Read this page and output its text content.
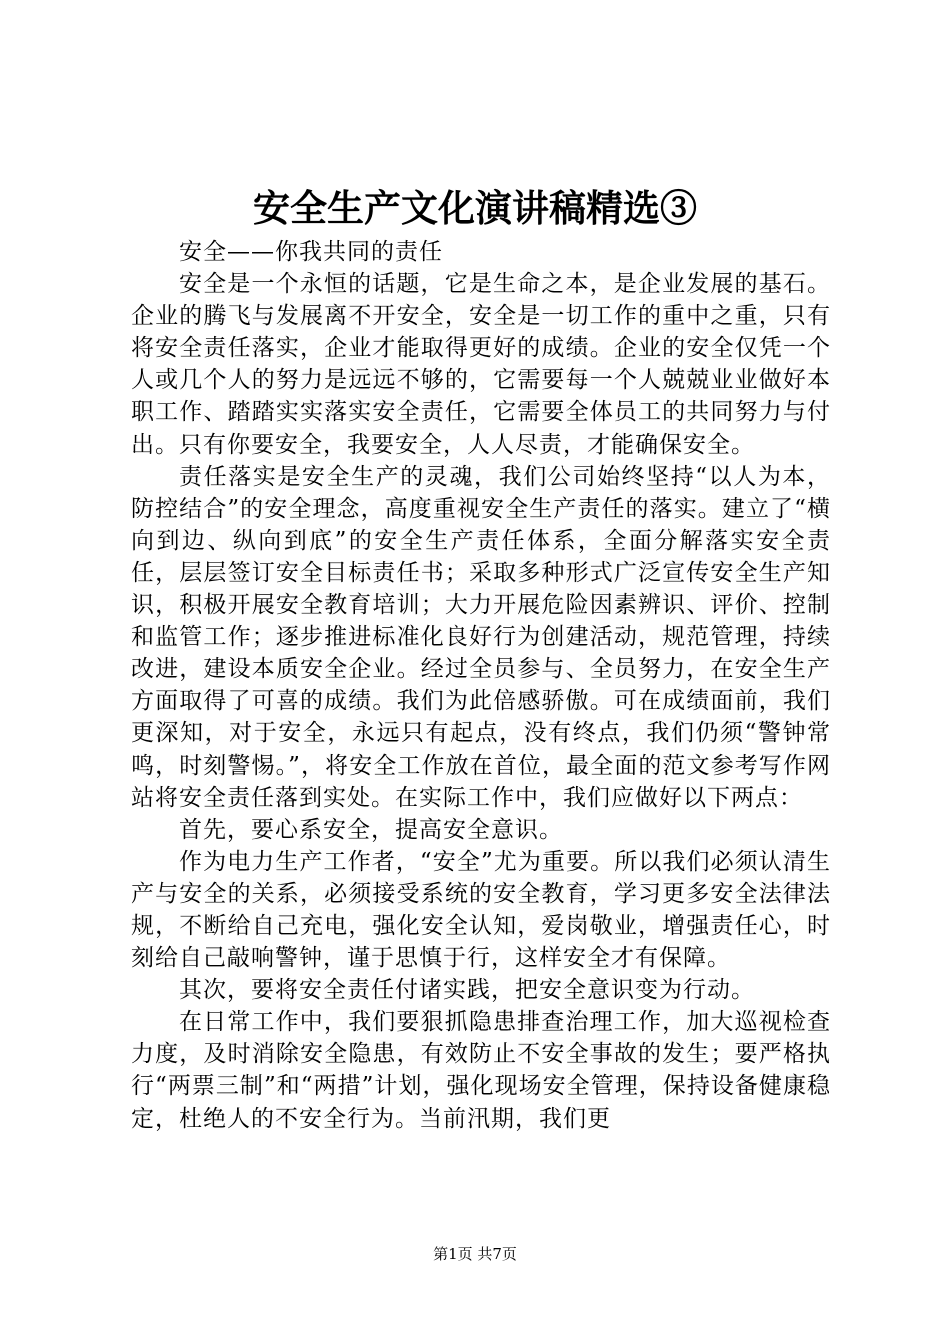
安全生产文化演讲稿精选③

安全——你我共同的责任

安全是一个永恒的话题，它是生命之本，是企业发展的基石。企业的腾飞与发展离不开安全，安全是一切工作的重中之重，只有将安全责任落实，企业才能取得更好的成绩。企业的安全仅凭一个人或几个人的努力是远远不够的，它需要每一个人兢兢业业做好本职工作、踏踏实实落实安全责任，它需要全体员工的共同努力与付出。只有你要安全，我要安全，人人尽责，才能确保安全。

责任落实是安全生产的灵魂，我们公司始终坚持“以人为本，防控结合”的安全理念，高度重视安全生产责任的落实。建立了“横向到边、纵向到底”的安全生产责任体系，全面分解落实安全责任，层层签订安全目标责任书；采取多种形式广泛宣传安全生产知识，积极开展安全教育培训；大力开展危险因素辨识、评价、控制和监管工作；逐步推进标准化良好行为创建活动，规范管理，持续改进，建设本质安全企业。经过全员参与、全员努力，在安全生产方面取得了可喜的成绩。我们为此倍感骄傲。可在成绩面前，我们更深知，对于安全，永远只有起点，没有终点，我们仍须“警钟常鸣，时刻警惕。”，将安全工作放在首位，最全面的范文参考写作网站将安全责任落到实处。在实际工作中，我们应做好以下两点：

首先，要心系安全，提高安全意识。

作为电力生产工作者，“安全”尤为重要。所以我们必须认清生产与安全的关系，必须接受系统的安全教育，学习更多安全法律法规，不断给自己充电，强化安全认知，爱岗敬业，增强责任心，时刻给自己敲响警钟，谨于思慎于行，这样安全才有保障。

其次，要将安全责任付诸实践，把安全意识变为行动。

在日常工作中，我们要狠抓隐患排查治理工作，加大巡视检查力度，及时消除安全隐患，有效防止不安全事故的发生；要严格执行“两票三制”和“两措”计划，强化现场安全管理，保持设备健康稳定，杜绝人的不安全行为。当前汛期，我们更

第1页 共7页
